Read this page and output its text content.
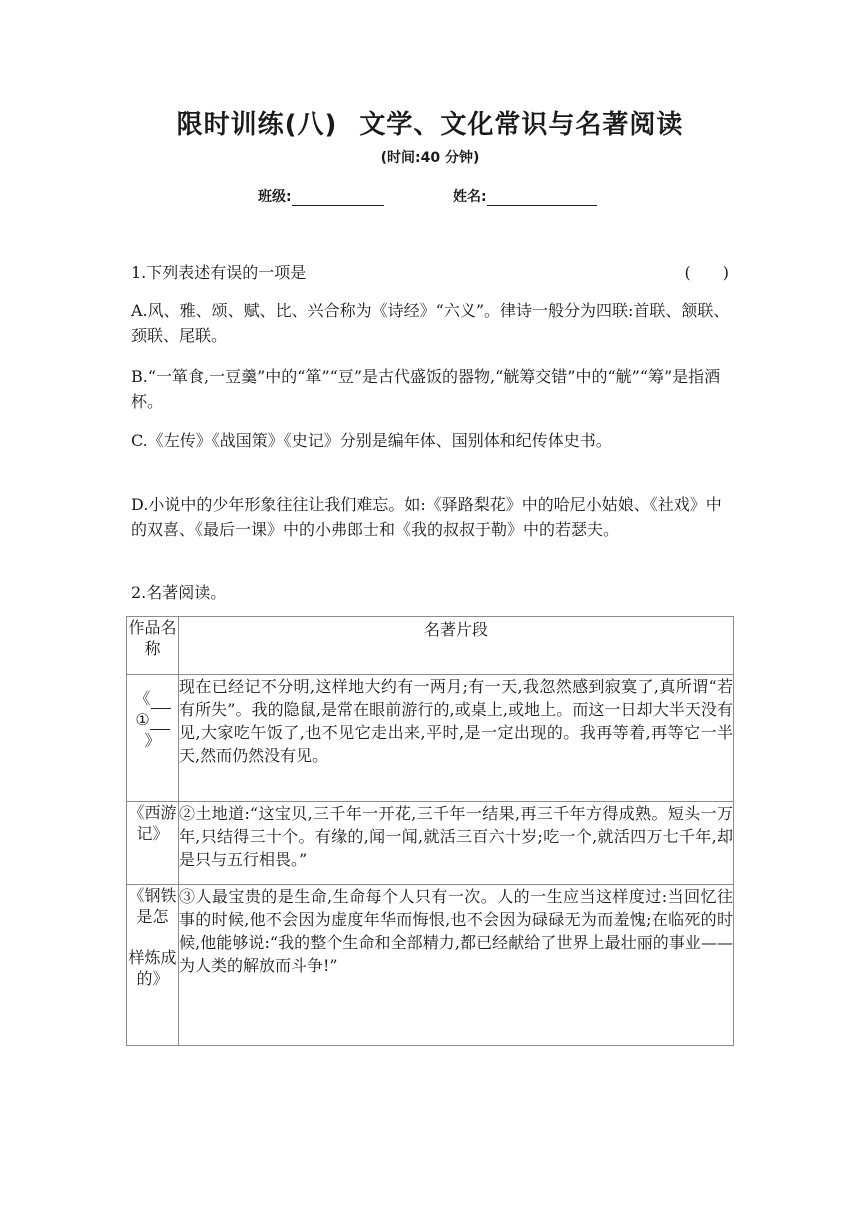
限时训练(八) 文学、文化常识与名著阅读
(时间:40 分钟)
班级:	姓名:
1.下列表述有误的一项是	(　　)
A.风、雅、颂、赋、比、兴合称为《诗经》“六义”。律诗一般分为四联:首联、颔联、颈联、尾联。
B.“一箪食,一豆羹”中的“箪”“豆”是古代盛饭的器物,“觥筹交错”中的“觥”“筹”是指酒杯。
C.《左传》《战国策》《史记》分别是编年体、国别体和纪传体史书。
D.小说中的少年形象往往让我们难忘。如:《驿路梨花》中的哈尼小姑娘、《社戏》中的双喜、《最后一课》中的小弗郎士和《我的叔叔于勒》中的若瑟夫。
2.名著阅读。
作品名称	名著片段

《
①
》	现在已经记不分明,这样地大约有一两月;有一天,我忽然感到寂寞了,真所谓“若有所失”。我的隐鼠,是常在眼前游行的,或桌上,或地上。而这一日却大半天没有见,大家吃午饭了,也不见它走出来,平时,是一定出现的。我再等着,再等它一半天,然而仍然没有见。
《西游记》	②土地道:“这宝贝,三千年一开花,三千年一结果,再三千年方得成熟。短头一万年,只结得三十个。有缘的,闻一闻,就活三百六十岁;吃一个,就活四万七千年,却是只与五行相畏。”

《钢铁是怎
样炼成的》	③人最宝贵的是生命,生命每个人只有一次。人的一生应当这样度过:当回忆往事的时候,他不会因为虚度年华而悔恨,也不会因为碌碌无为而羞愧;在临死的时候,他能够说:“我的整个生命和全部精力,都已经献给了世界上最壮丽的事业——为人类的解放而斗争!”
